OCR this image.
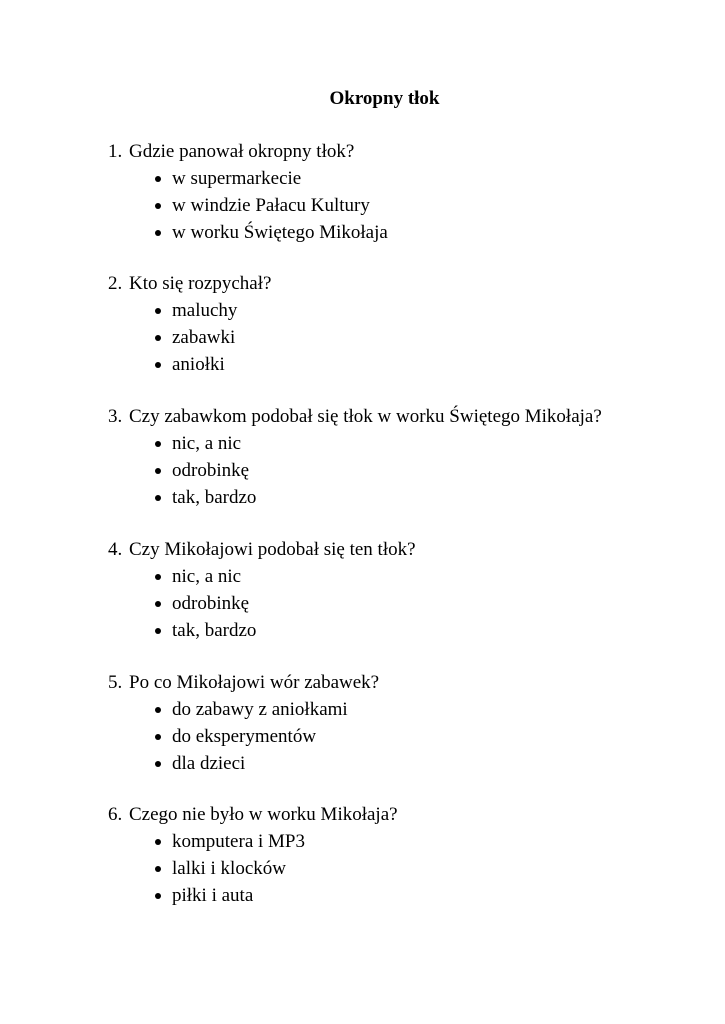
Okropny tłok
1. Gdzie panował okropny tłok?
w supermarkecie
w windzie Pałacu Kultury
w worku Świętego Mikołaja
2. Kto się rozpychał?
maluchy
zabawki
aniołki
3. Czy zabawkom podobał się tłok w worku Świętego Mikołaja?
nic, a nic
odrobinkę
tak, bardzo
4. Czy Mikołajowi podobał się ten tłok?
nic, a nic
odrobinkę
tak, bardzo
5. Po co Mikołajowi wór zabawek?
do zabawy z aniołkami
do eksperymentów
dla dzieci
6. Czego nie było w worku Mikołaja?
komputera i MP3
lalki i klocków
piłki i auta
